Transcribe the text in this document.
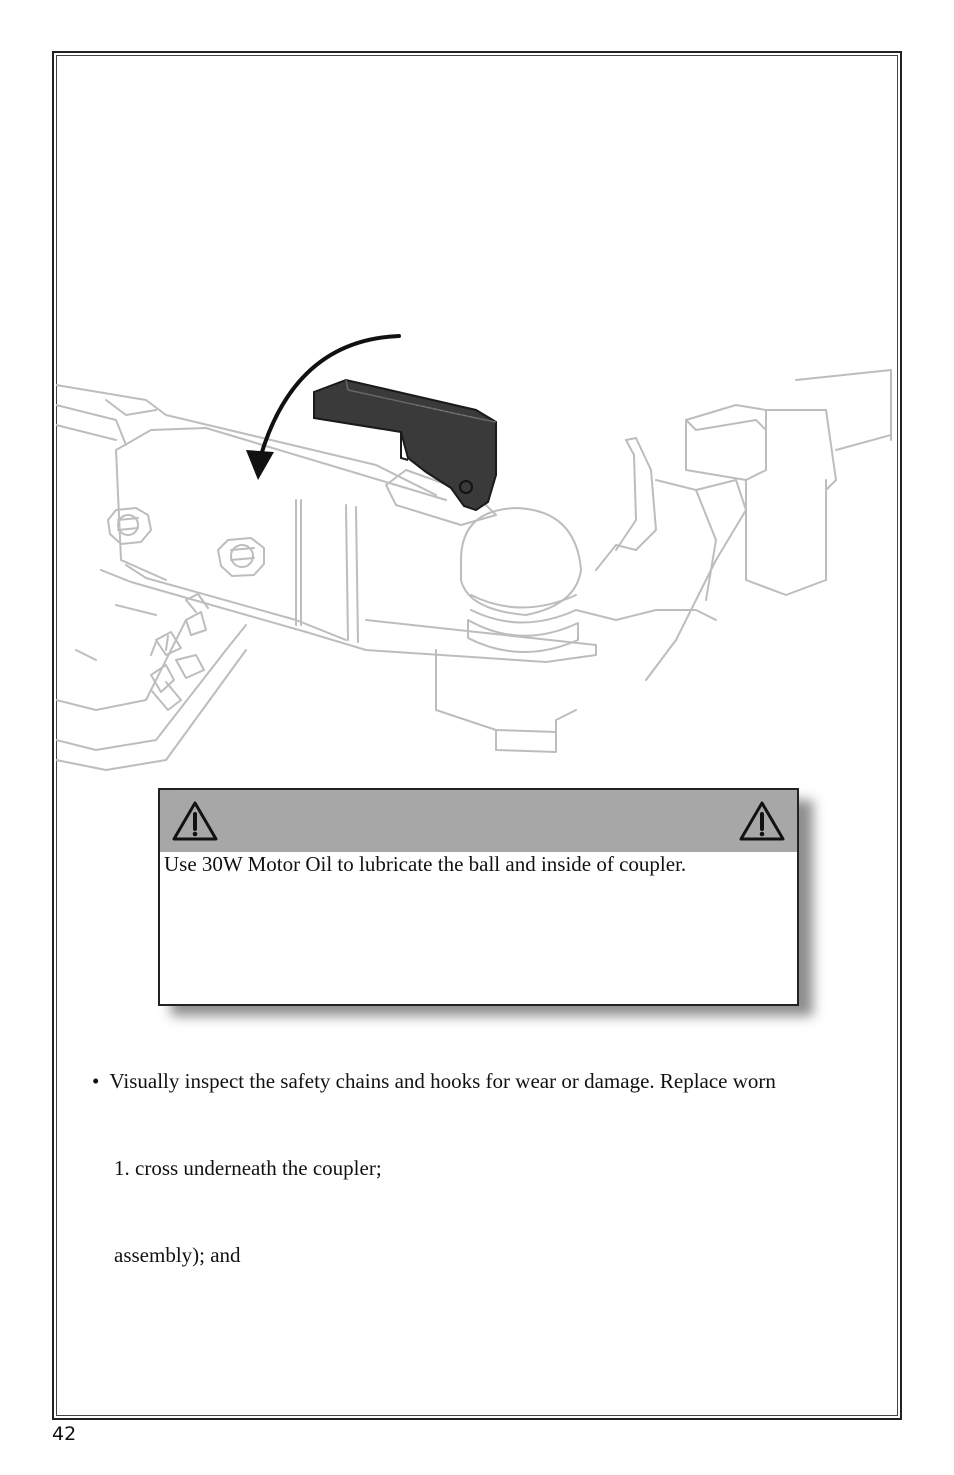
Use 30W Motor Oil to lubricate the ball and inside of coupler.
• Visually inspect the safety chains and hooks for wear or damage. Replace worn
1. cross underneath the coupler;
assembly); and
42
